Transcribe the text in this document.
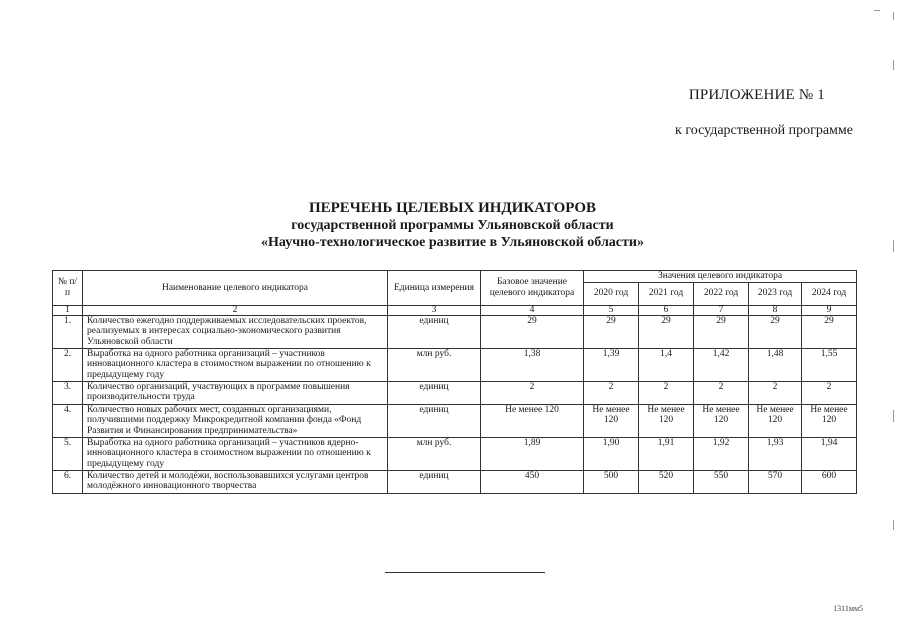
ПРИЛОЖЕНИЕ № 1
к государственной программе
ПЕРЕЧЕНЬ ЦЕЛЕВЫХ ИНДИКАТОРОВ
государственной программы Ульяновской области
«Научно-технологическое развитие в Ульяновской области»
№ п/п	Наименование целевого индикатора	Единица измерения	Базовое значение целевого индикатора	Значения целевого индикатора				
				2020 год	2021 год	2022 год	2023 год	2024 год
1	2	3	4	5	6	7	8	9
1.	Количество ежегодно поддерживаемых исследовательских проектов, реализуемых в интересах социально-экономического развития Ульяновской области	единиц	29	29	29	29	29	29
2.	Выработка на одного работника организаций – участников инновационного кластера в стоимостном выражении по отношению к предыдущему году	млн руб.	1,38	1,39	1,4	1,42	1,48	1,55
3.	Количество организаций, участвующих в программе повышения производительности труда	единиц	2	2	2	2	2	2
4.	Количество новых рабочих мест, созданных организациями, получившими поддержку Микрокредитной компании фонда «Фонд Развития и Финансирования предпринимательства»	единиц	Не менее 120	Не менее 120	Не менее 120	Не менее 120	Не менее 120	Не менее 120
5.	Выработка на одного работника организаций – участников ядерно-инновационного кластера в стоимостном выражении по отношению к предыдущему году	млн руб.	1,89	1,90	1,91	1,92	1,93	1,94
6.	Количество детей и молодёжи, воспользовавшихся услугами центров молодёжного инновационного творчества	единиц	450	500	520	550	570	600
1311мм5
